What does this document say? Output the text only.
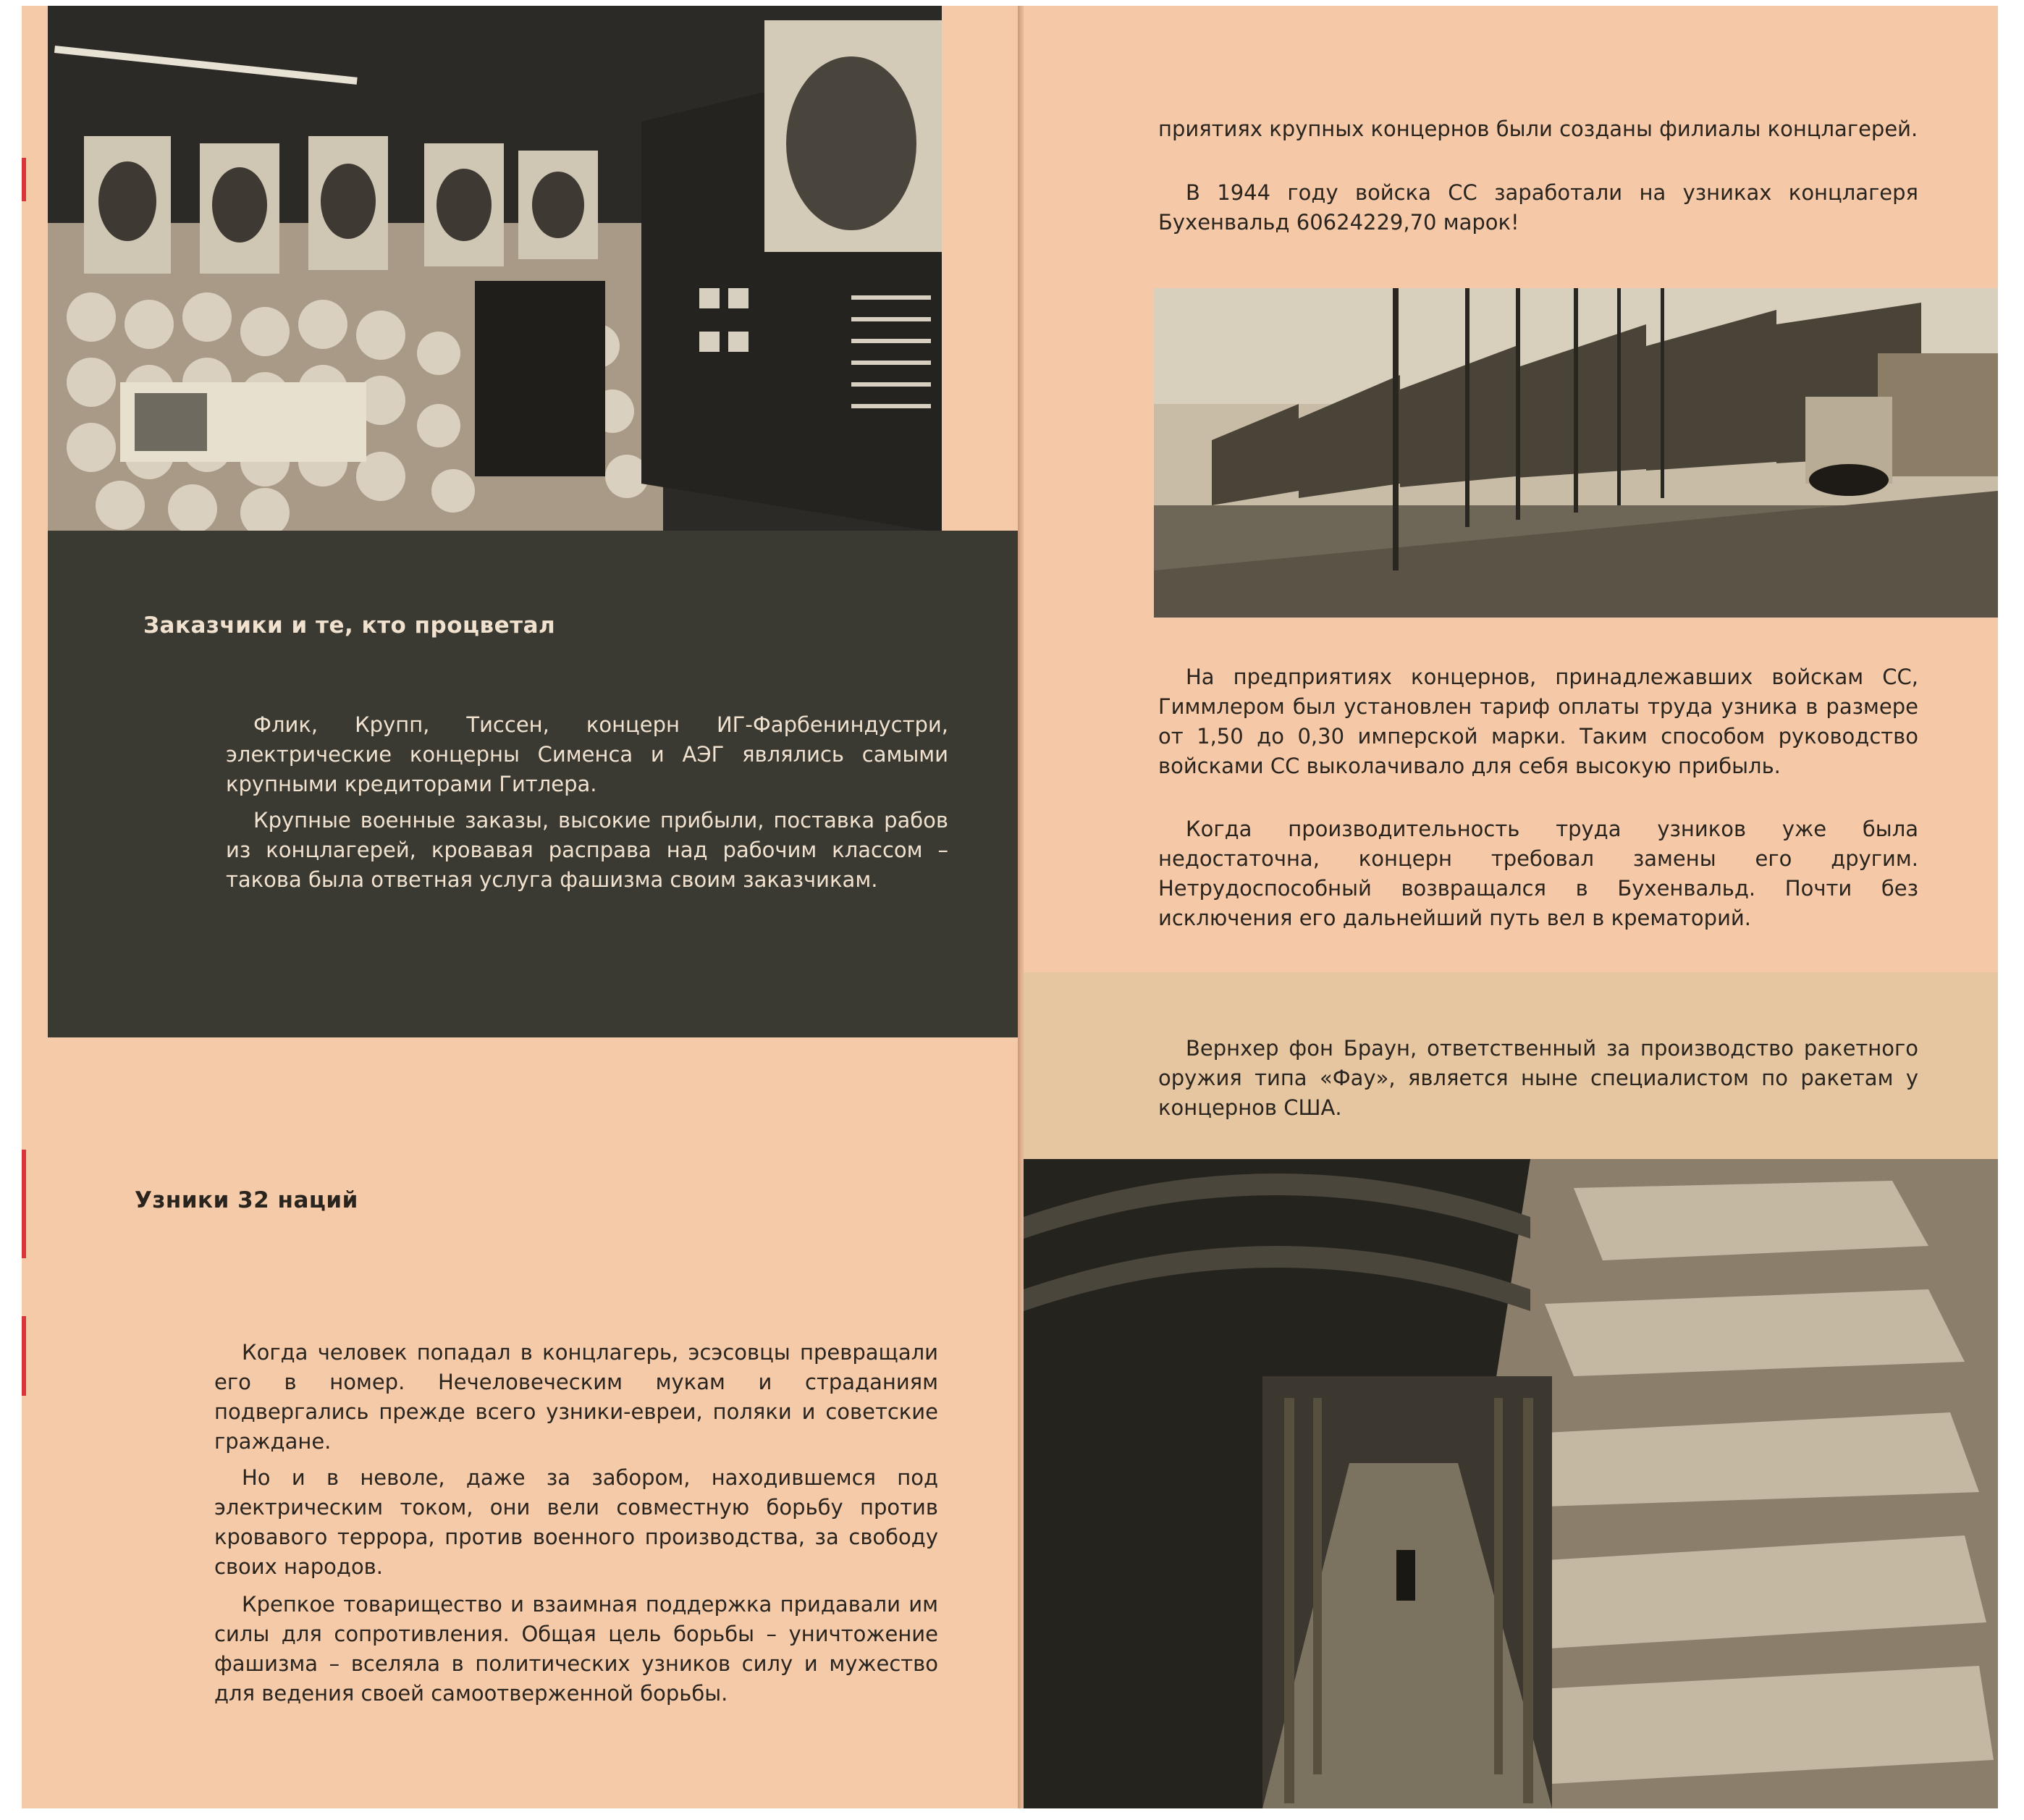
Заказчики и те, кто процветал

Флик, Крупп, Тиссен, концерн ИГ-Фарбениндустри, электрические концерны Сименса и АЭГ являлись самыми крупными кредиторами Гитлера.

Крупные военные заказы, высокие прибыли, поставка рабов из концлагерей, кровавая расправа над рабочим классом – такова была ответная услуга фашизма своим заказчикам.

Узники 32 наций

Когда человек попадал в концлагерь, эсэсовцы превращали его в номер. Нечеловеческим мукам и страданиям подвергались прежде всего узники-евреи, поляки и советские граждане.

Но и в неволе, даже за забором, находившемся под электрическим током, они вели совместную борьбу против кровавого террора, против военного производства, за свободу своих народов.

Крепкое товарищество и взаимная поддержка придавали им силы для сопротивления. Общая цель борьбы – уничтожение фашизма – вселяла в политических узников силу и мужество для ведения своей самоотверженной борьбы.

приятиях крупных концернов были созданы филиалы концлагерей.

В 1944 году войска СС заработали на узниках концлагеря Бухенвальд 60624229,70 марок!

На предприятиях концернов, принадлежавших войскам СС, Гиммлером был установлен тариф оплаты труда узника в размере от 1,50 до 0,30 имперской марки. Таким способом руководство войсками СС выколачивало для себя высокую прибыль.

Когда производительность труда узников уже была недостаточна, концерн требовал замены его другим. Нетрудоспособный возвращался в Бухенвальд. Почти без исключения его дальнейший путь вел в крематорий.

Вернхер фон Браун, ответственный за производство ракетного оружия типа «Фау», является ныне специалистом по ракетам у концернов США.
